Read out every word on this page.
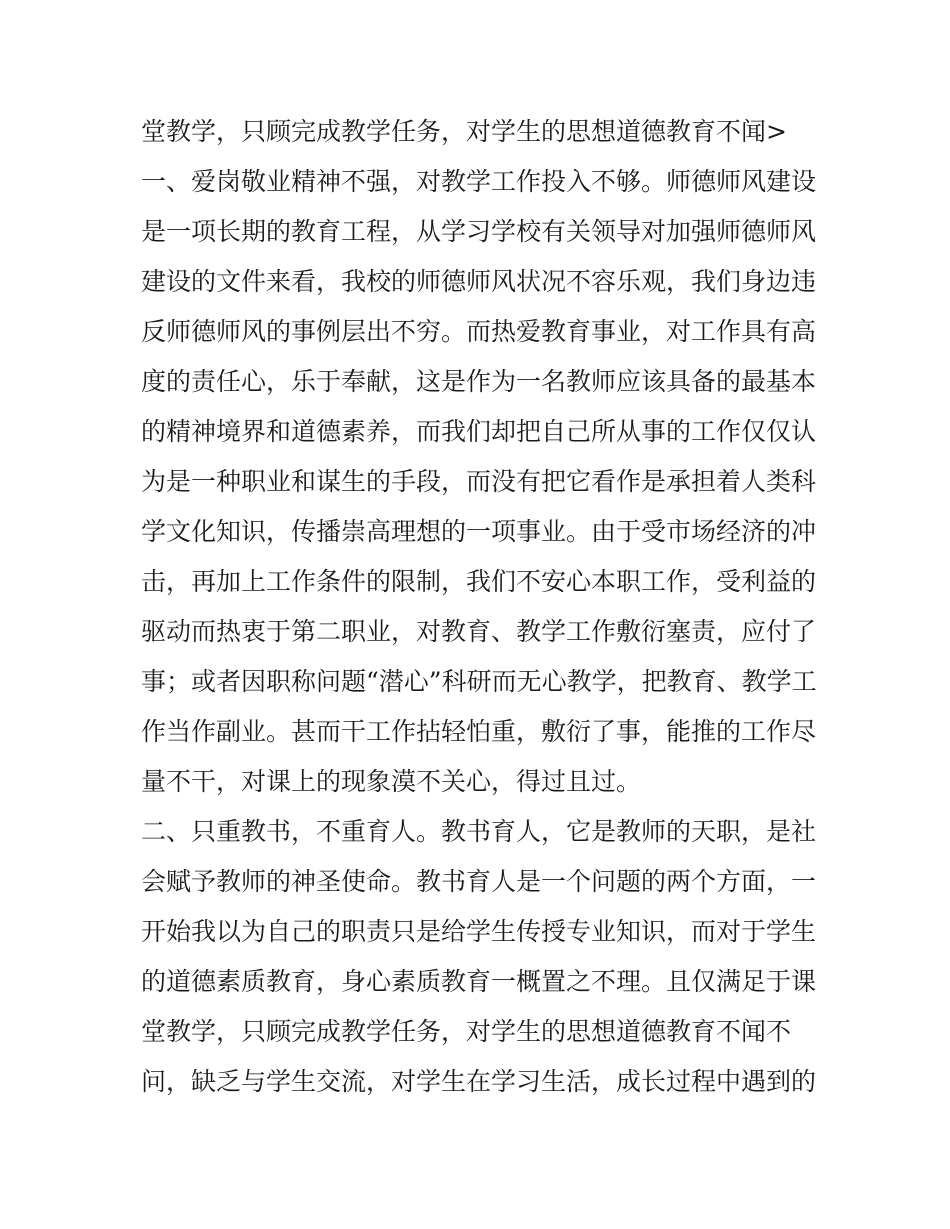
堂教学，只顾完成教学任务，对学生的思想道德教育不闻>
一、爱岗敬业精神不强，对教学工作投入不够。师德师风建设
是一项长期的教育工程，从学习学校有关领导对加强师德师风
建设的文件来看，我校的师德师风状况不容乐观，我们身边违
反师德师风的事例层出不穷。而热爱教育事业，对工作具有高
度的责任心，乐于奉献，这是作为一名教师应该具备的最基本
的精神境界和道德素养，而我们却把自己所从事的工作仅仅认
为是一种职业和谋生的手段，而没有把它看作是承担着人类科
学文化知识，传播崇高理想的一项事业。由于受市场经济的冲
击，再加上工作条件的限制，我们不安心本职工作，受利益的
驱动而热衷于第二职业，对教育、教学工作敷衍塞责，应付了
事；或者因职称问题“潜心”科研而无心教学，把教育、教学工
作当作副业。甚而干工作拈轻怕重，敷衍了事，能推的工作尽
量不干，对课上的现象漠不关心，得过且过。
二、只重教书，不重育人。教书育人，它是教师的天职，是社
会赋予教师的神圣使命。教书育人是一个问题的两个方面，一
开始我以为自己的职责只是给学生传授专业知识，而对于学生
的道德素质教育，身心素质教育一概置之不理。且仅满足于课
堂教学，只顾完成教学任务，对学生的思想道德教育不闻不
问，缺乏与学生交流，对学生在学习生活，成长过程中遇到的
